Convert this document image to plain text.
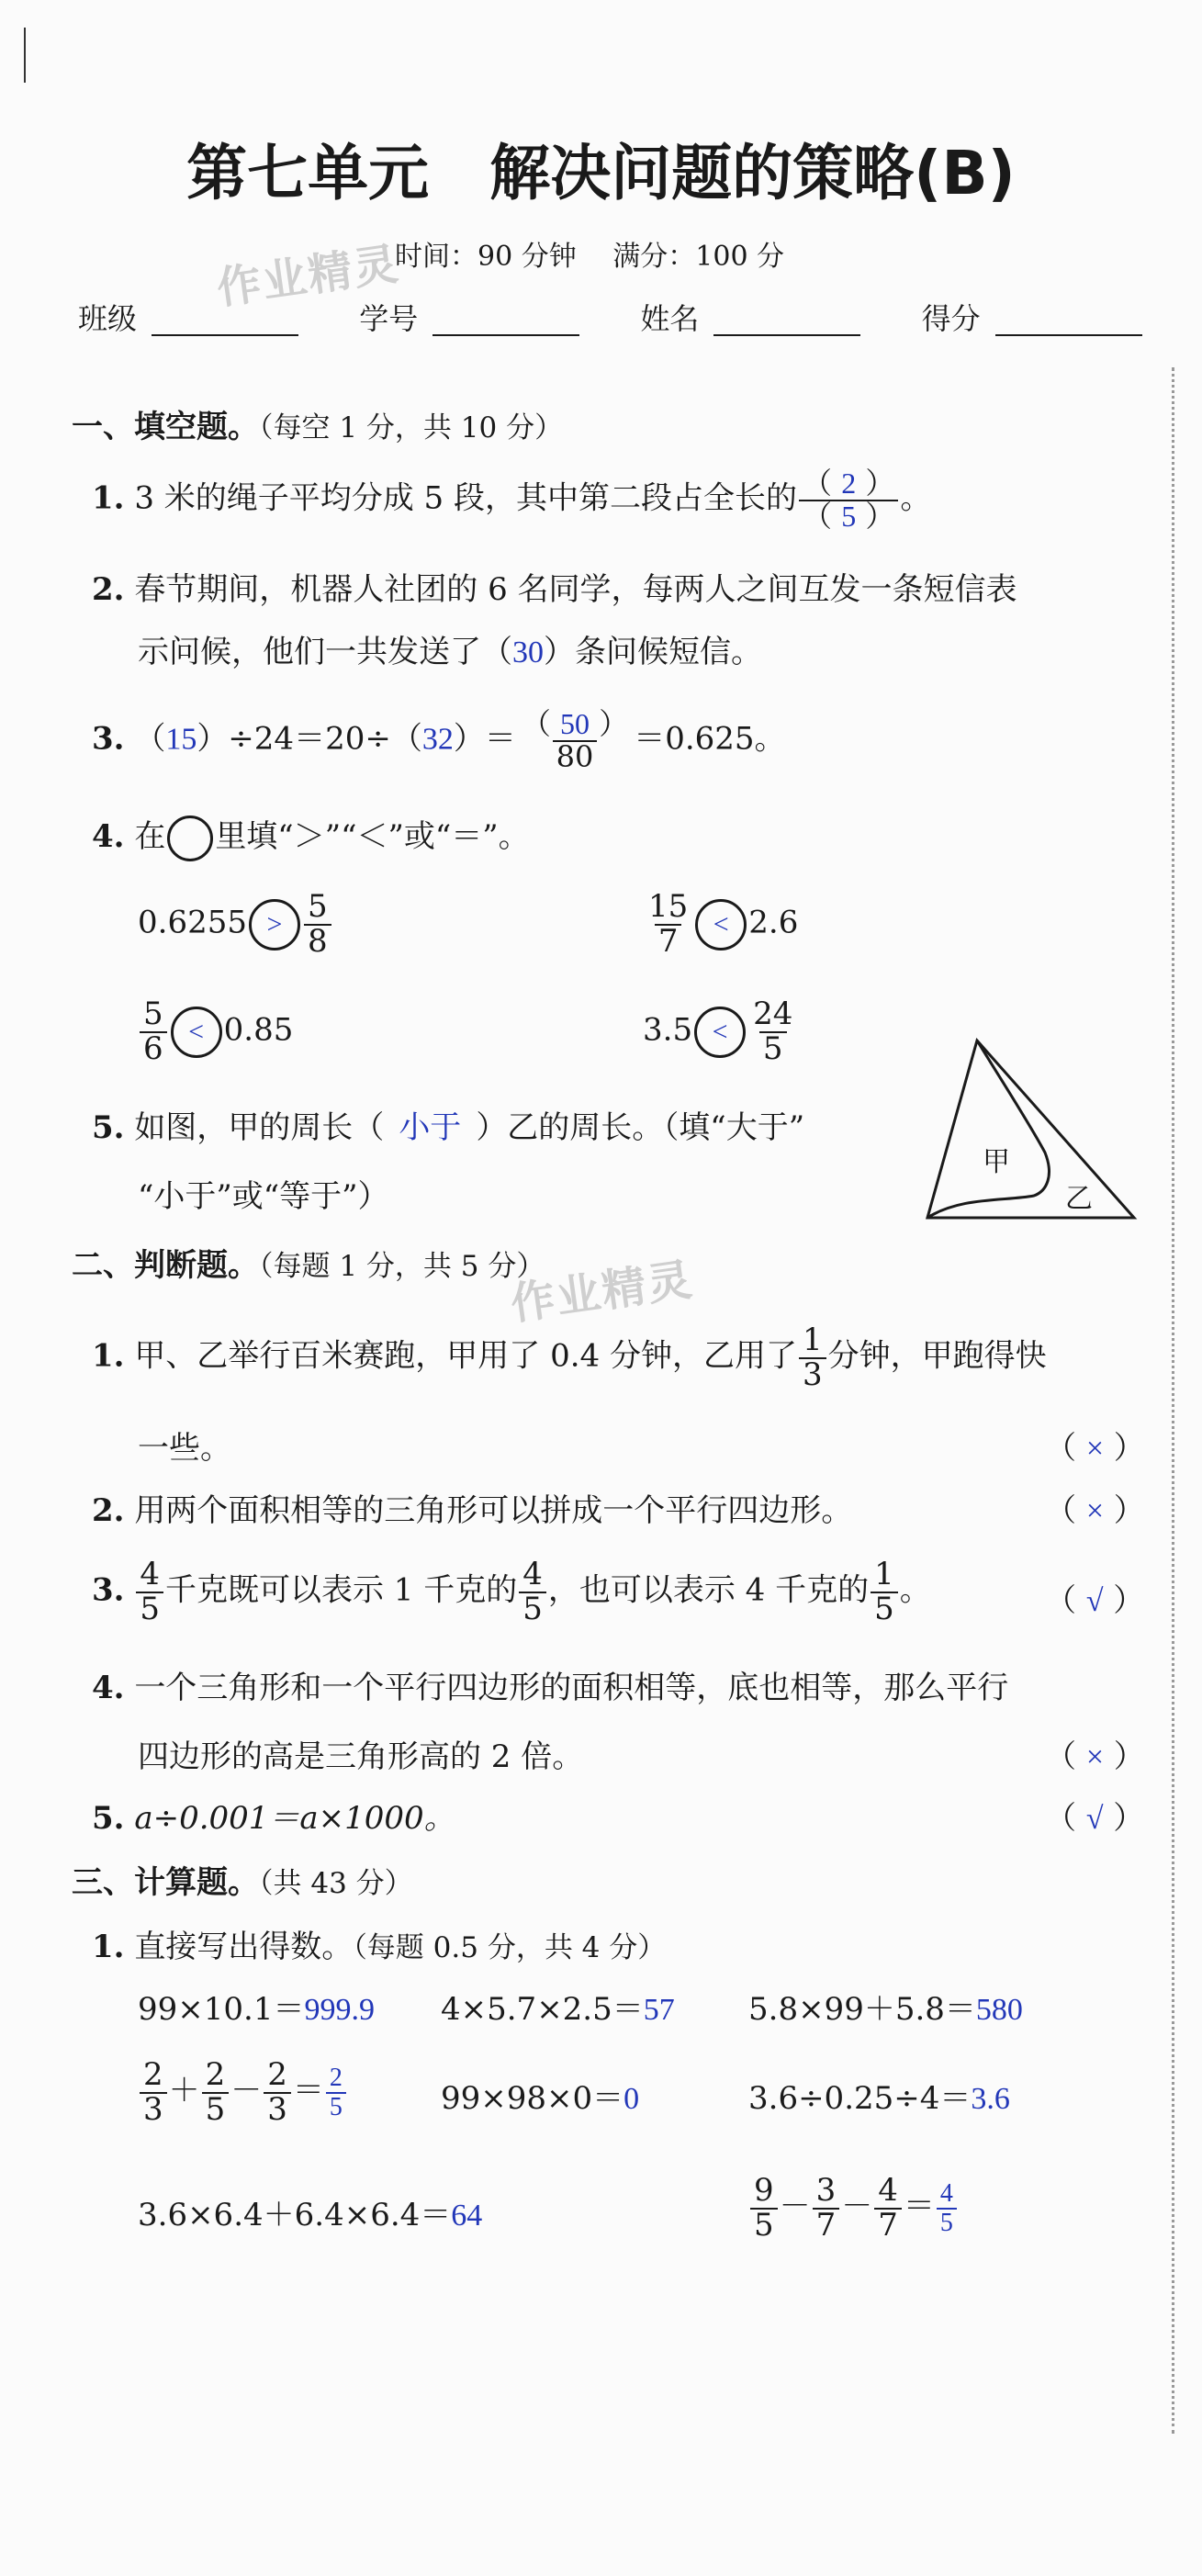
第七单元　解决问题的策略(B)
作业精灵
时间：90 分钟　 满分：100 分
班级	学号	姓名	得分
一、填空题。（每空 1 分，共 10 分）
1. 3 米的绳子平均分成 5 段，其中第二段占全长的 $\frac{( 2 )}{( 5 )}$ 。
2. 春节期间，机器人社团的 6 名同学，每两人之间互发一条短信表
示问候，他们一共发送了（30）条问候短信。
3. $(15)\div 24=20\div(32)= \frac{( 50 )}{80} =0.625$。
4. 在 里填“＞”“＜”或“＝”。
$0.6255 > \frac{5}{8}$	$\frac{15}{7} < 2.6$
$\frac{5}{6} < 0.85$	$3.5 < \frac{24}{5}$
5. 如图，甲的周长（ 小于 ）乙的周长。（填“大于”
“小于”或“等于”）
甲
乙
二、判断题。（每题 1 分，共 5 分）
作业精灵
1. 甲、乙举行百米赛跑，甲用了 0.4 分钟，乙用了 $\frac{1}{3}$ 分钟，甲跑得快
一些。	（ × ）
2. 用两个面积相等的三角形可以拼成一个平行四边形。	（ × ）
3. $\frac{4}{5}$ 千克既可以表示 1 千克的 $\frac{4}{5}$ ，也可以表示 4 千克的 $\frac{1}{5}$ 。	（ √ ）
4. 一个三角形和一个平行四边形的面积相等，底也相等，那么平行
四边形的高是三角形高的 2 倍。	（ × ）
5. a÷0.001＝a×1000。	（ √ ）
三、计算题。（共 43 分）
1. 直接写出得数。（每题 0.5 分，共 4 分）
99×10.1＝999.9 4×5.7×2.5＝57 5.8×99＋5.8＝580
$\frac{2}{3} + \frac{2}{5} - \frac{2}{3} = \frac{2}{5}$	99×98×0＝0	3.6÷0.25÷4＝3.6
3.6×6.4＋6.4×6.4＝64	$\frac{9}{5} - \frac{3}{7} - \frac{4}{7} = \frac{4}{5}$
